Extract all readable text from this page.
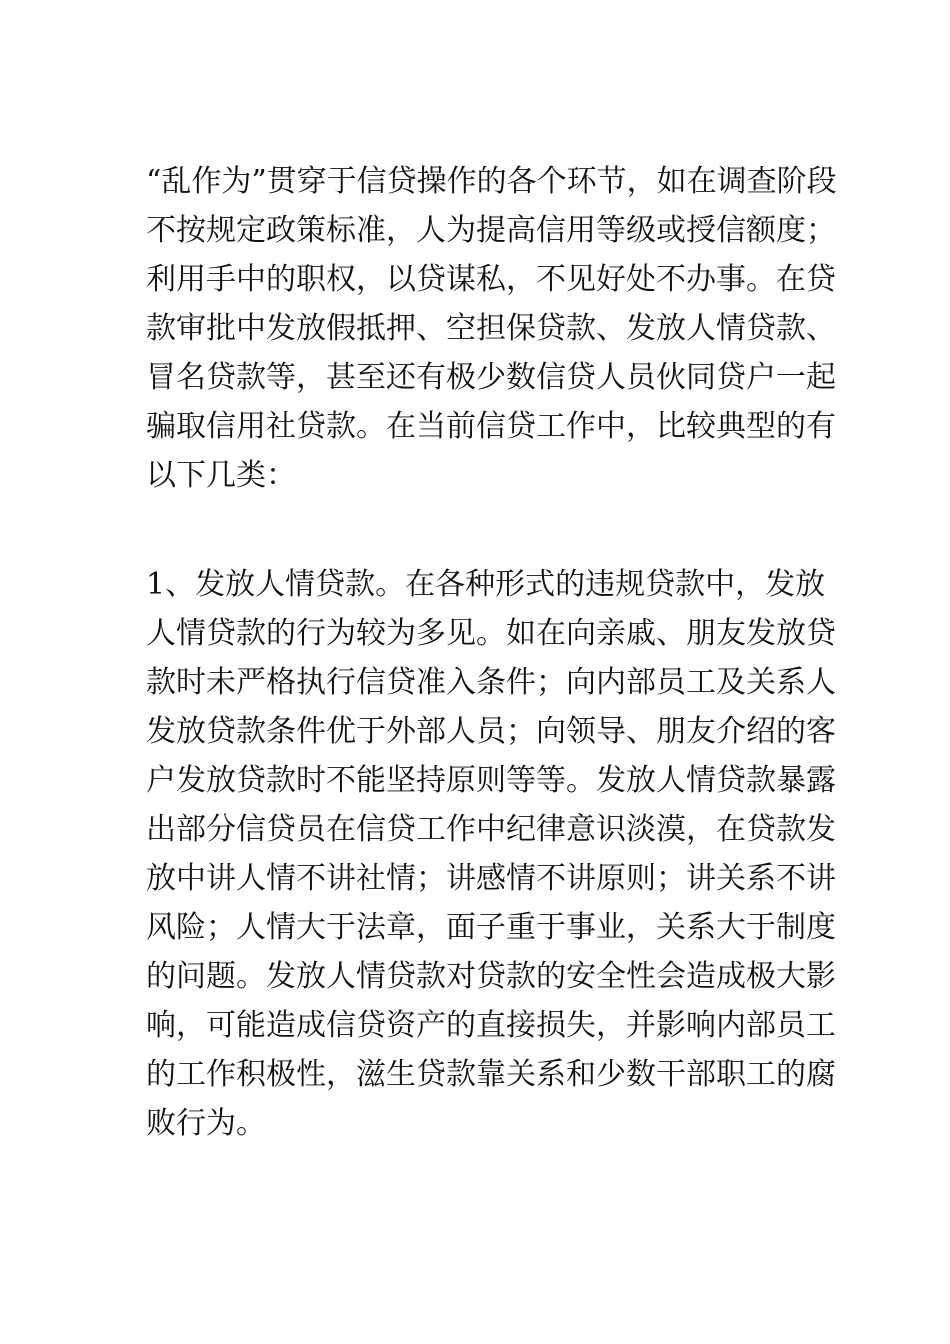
“乱作为”贯穿于信贷操作的各个环节，如在调查阶段
不按规定政策标准，人为提高信用等级或授信额度；
利用手中的职权，以贷谋私，不见好处不办事。在贷
款审批中发放假抵押、空担保贷款、发放人情贷款、
冒名贷款等，甚至还有极少数信贷人员伙同贷户一起
骗取信用社贷款。在当前信贷工作中，比较典型的有
以下几类：
1、发放人情贷款。在各种形式的违规贷款中，发放
人情贷款的行为较为多见。如在向亲戚、朋友发放贷
款时未严格执行信贷准入条件；向内部员工及关系人
发放贷款条件优于外部人员；向领导、朋友介绍的客
户发放贷款时不能坚持原则等等。发放人情贷款暴露
出部分信贷员在信贷工作中纪律意识淡漠，在贷款发
放中讲人情不讲社情；讲感情不讲原则；讲关系不讲
风险；人情大于法章，面子重于事业，关系大于制度
的问题。发放人情贷款对贷款的安全性会造成极大影
响，可能造成信贷资产的直接损失，并影响内部员工
的工作积极性，滋生贷款靠关系和少数干部职工的腐
败行为。
